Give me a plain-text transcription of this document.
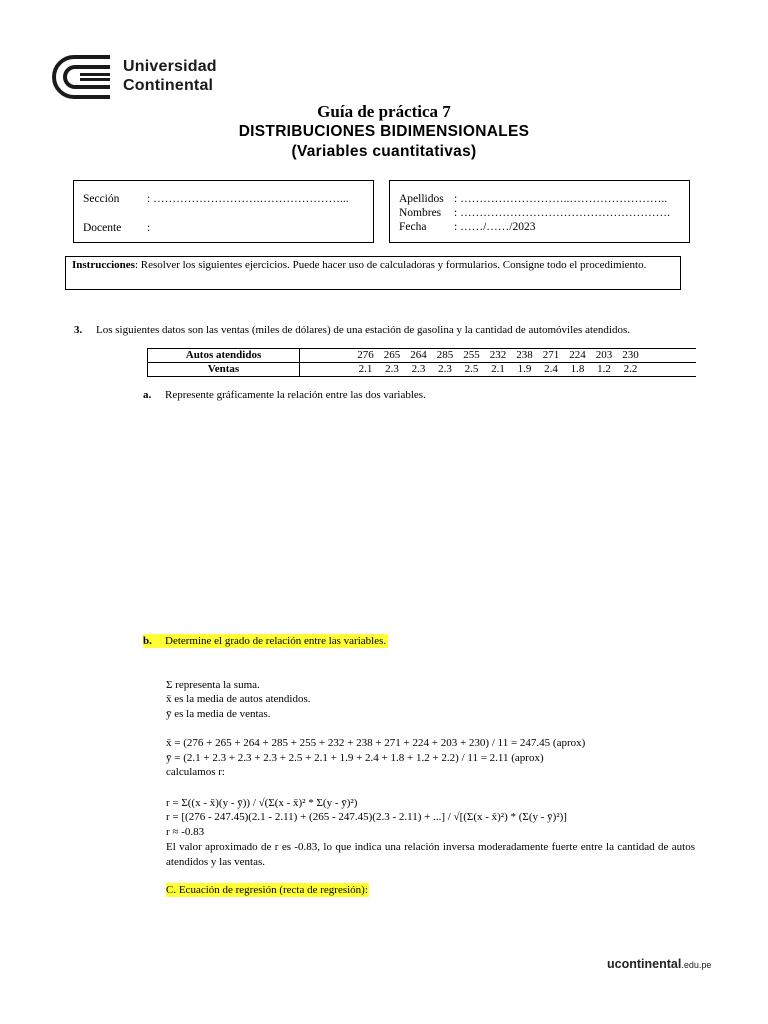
Universidad
Continental
Guía de práctica 7
DISTRIBUCIONES BIDIMENSIONALES
(Variables cuantitativas)
Sección : ……………………….…………………...
Docente :
Apellidos : ………………………..……………………..
Nombres : ……………………………………………….
Fecha : ……/……/2023
Instrucciones: Resolver los siguientes ejercicios. Puede hacer uso de calculadoras y formularios. Consigne todo el procedimiento.
3. Los siguientes datos son las ventas (miles de dólares) de una estación de gasolina y la cantidad de automóviles atendidos.
Autos atendidos	276 265 264 285 255 232 238 271 224 203 230
Ventas	2.1 2.3 2.3 2.3 2.5 2.1 1.9 2.4 1.8 1.2 2.2
a. Represente gráficamente la relación entre las dos variables.
b. Determine el grado de relación entre las variables.
Σ representa la suma.
x̄ es la media de autos atendidos.
ȳ es la media de ventas.
x̄ = (276 + 265 + 264 + 285 + 255 + 232 + 238 + 271 + 224 + 203 + 230) / 11 = 247.45 (aprox)
ȳ = (2.1 + 2.3 + 2.3 + 2.3 + 2.5 + 2.1 + 1.9 + 2.4 + 1.8 + 1.2 + 2.2) / 11 = 2.11 (aprox)
calculamos r:
r = Σ((x - x̄)(y - ȳ)) / √(Σ(x - x̄)² * Σ(y - ȳ)²)
r = [(276 - 247.45)(2.1 - 2.11) + (265 - 247.45)(2.3 - 2.11) + ...] / √[(Σ(x - x̄)²) * (Σ(y - ȳ)²)]
r ≈ -0.83
El valor aproximado de r es -0.83, lo que indica una relación inversa moderadamente fuerte entre la cantidad de autos atendidos y las ventas.
C. Ecuación de regresión (recta de regresión):
ucontinental.edu.pe
